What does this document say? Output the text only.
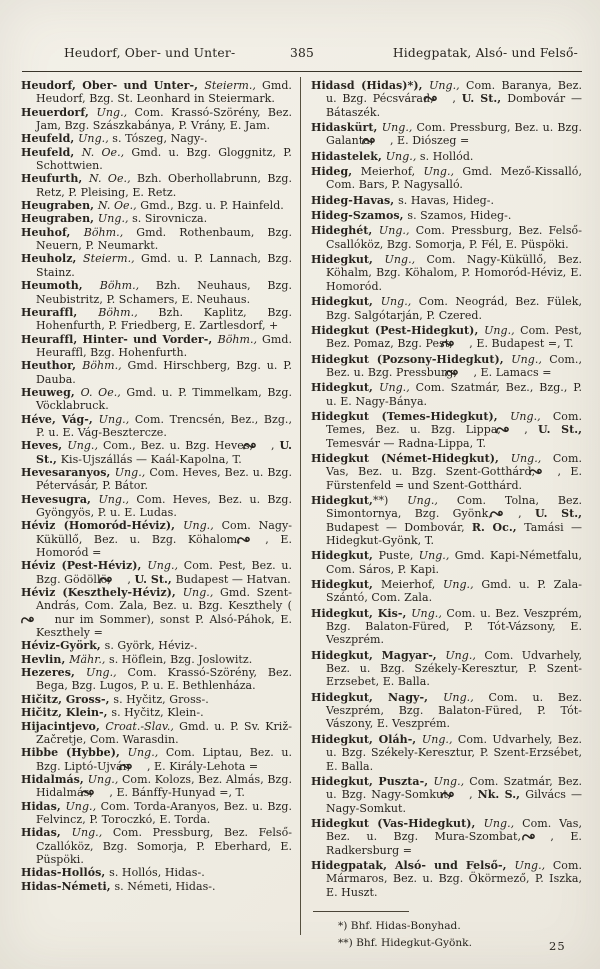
Heudorf, Ober- und Unter-	385	Hidegpatak, Alsó- und Felső-

Heudorf, Ober- und Unter-, Steierm., Gmd. Heudorf, Bzg. St. Leonhard in Steiermark.

Heuerdorf, Ung., Com. Krassó-Szörény, Bez. Jam, Bzg. Szászkabánya, P. Vrány, E. Jam.

Heufeld, Ung., s. Tószeg, Nagy-.

Heufeld, N. Oe., Gmd. u. Bzg. Gloggnitz, P. Schottwien.

Heufurth, N. Oe., Bzh. Oberhollabrunn, Bzg. Retz, P. Pleising, E. Retz.

Heugraben, N. Oe., Gmd., Bzg. u. P. Hainfeld.

Heugraben, Ung., s. Sirovnicza.

Heuhof, Böhm., Gmd. Rothenbaum, Bzg. Neuern, P. Neumarkt.

Heuholz, Steierm., Gmd. u. P. Lannach, Bzg. Stainz.

Heumoth, Böhm., Bzh. Neuhaus, Bzg. Neubistritz, P. Schamers, E. Neuhaus.

Heuraffl, Böhm., Bzh. Kaplitz, Bzg. Hohenfurth, P. Friedberg, E. Zartlesdorf, +

Heuraffl, Hinter- und Vorder-, Böhm., Gmd. Heuraffl, Bzg. Hohenfurth.

Heuthor, Böhm., Gmd. Hirschberg, Bzg. u. P. Dauba.

Heuweg, O. Oe., Gmd. u. P. Timmelkam, Bzg. Vöcklabruck.

Héve, Vág-, Ung., Com. Trencsén, Bez., Bzg., P. u. E. Vág-Besztercze.

Heves, Ung., Com., Bez. u. Bzg. Heves, , U. St., Kis-Ujszállás — Kaál-Kapolna, T.

Hevesaranyos, Ung., Com. Heves, Bez. u. Bzg. Pétervásár, P. Bátor.

Hevesugra, Ung., Com. Heves, Bez. u. Bzg. Gyöngyös, P. u. E. Ludas.

Héviz (Homoród-Héviz), Ung., Com. Nagy-Küküllő, Bez. u. Bzg. Köhalom, , E. Homoród =

Héviz (Pest-Héviz), Ung., Com. Pest, Bez. u. Bzg. Gödöllö, , U. St., Budapest — Hatvan.

Héviz (Keszthely-Héviz), Ung., Gmd. Szent-András, Com. Zala, Bez. u. Bzg. Keszthely ( nur im Sommer), sonst P. Alsó-Páhok, E. Keszthely =

Héviz-Györk, s. Györk, Héviz-.

Hevlin, Mähr., s. Höflein, Bzg. Joslowitz.

Hezeres, Ung., Com. Krassó-Szörény, Bez. Bega, Bzg. Lugos, P. u. E. Bethlenháza.

Hičitz, Gross-, s. Hyčitz, Gross-.

Hičitz, Klein-, s. Hyčitz, Klein-.

Hijacintjevo, Croat.-Slav., Gmd. u. P. Sv. Križ-Začretje, Com. Warasdin.

Hibbe (Hybbe), Ung., Com. Liptau, Bez. u. Bzg. Liptó-Ujvár, , E. Király-Lehota =

Hidalmás, Ung., Com. Kolozs, Bez. Almás, Bzg. Hidalmás, , E. Bánffy-Hunyad =, T.

Hidas, Ung., Com. Torda-Aranyos, Bez. u. Bzg. Felvincz, P. Toroczkó, E. Torda.

Hidas, Ung., Com. Pressburg, Bez. Felső-Czallóköz, Bzg. Somorja, P. Eberhard, E. Püspöki.

Hidas-Hollós, s. Hollós, Hidas-.

Hidas-Németi, s. Németi, Hidas-.

Hidasd (Hidas)*), Ung., Com. Baranya, Bez. u. Bzg. Pécsvárad, , U. St., Dombovár — Bátaszék.

Hidaskürt, Ung., Com. Pressburg, Bez. u. Bzg. Galanta, , E. Diószeg =

Hidastelek, Ung., s. Hollód.

Hideg, Meierhof, Ung., Gmd. Mező-Kissalló, Com. Bars, P. Nagysalló.

Hideg-Havas, s. Havas, Hideg-.

Hideg-Szamos, s. Szamos, Hideg-.

Hideghét, Ung., Com. Pressburg, Bez. Felső-Csallóköz, Bzg. Somorja, P. Fél, E. Püspöki.

Hidegkut, Ung., Com. Nagy-Küküllő, Bez. Köhalm, Bzg. Köhalom, P. Homoród-Héviz, E. Homoród.

Hidegkut, Ung., Com. Neográd, Bez. Fülek, Bzg. Salgótarján, P. Czered.

Hidegkut (Pest-Hidegkut), Ung., Com. Pest, Bez. Pomaz, Bzg. Pest, , E. Budapest =, T.

Hidegkut (Pozsony-Hidegkut), Ung., Com., Bez. u. Bzg. Pressburg, , E. Lamacs =

Hidegkut, Ung., Com. Szatmár, Bez., Bzg., P. u. E. Nagy-Bánya.

Hidegkut (Temes-Hidegkut), Ung., Com. Temes, Bez. u. Bzg. Lippa, , U. St., Temesvár — Radna-Lippa, T.

Hidegkut (Német-Hidegkut), Ung., Com. Vas, Bez. u. Bzg. Szent-Gotthárd, , E. Fürstenfeld = und Szent-Gotthárd.

Hidegkut,**) Ung., Com. Tolna, Bez. Simontornya, Bzg. Gyönk, , U. St., Budapest — Dombovár, R. Oc., Tamási — Hidegkut-Gyönk, T.

Hidegkut, Puste, Ung., Gmd. Kapi-Németfalu, Com. Sáros, P. Kapi.

Hidegkut, Meierhof, Ung., Gmd. u. P. Zala-Szántó, Com. Zala.

Hidegkut, Kis-, Ung., Com. u. Bez. Veszprém, Bzg. Balaton-Füred, P. Tót-Vázsony, E. Veszprém.

Hidegkut, Magyar-, Ung., Com. Udvarhely, Bez. u. Bzg. Székely-Keresztur, P. Szent-Erzsebet, E. Balla.

Hidegkut, Nagy-, Ung., Com. u. Bez. Veszprém, Bzg. Balaton-Füred, P. Tót-Vászony, E. Veszprém.

Hidegkut, Oláh-, Ung., Com. Udvarhely, Bez. u. Bzg. Székely-Keresztur, P. Szent-Erzsébet, E. Balla.

Hidegkut, Puszta-, Ung., Com. Szatmár, Bez. u. Bzg. Nagy-Somkut, , Nk. S., Gilvács — Nagy-Somkut.

Hidegkut (Vas-Hidegkut), Ung., Com. Vas, Bez. u. Bzg. Mura-Szombat, , E. Radkersburg =

Hidegpatak, Alsó- und Felső-, Ung., Com. Mármaros, Bez. u. Bzg. Ökörmező, P. Iszka, E. Huszt.

*) Bhf. Hidas-Bonyhad.

**) Bhf. Hidegkut-Gyönk.	25
